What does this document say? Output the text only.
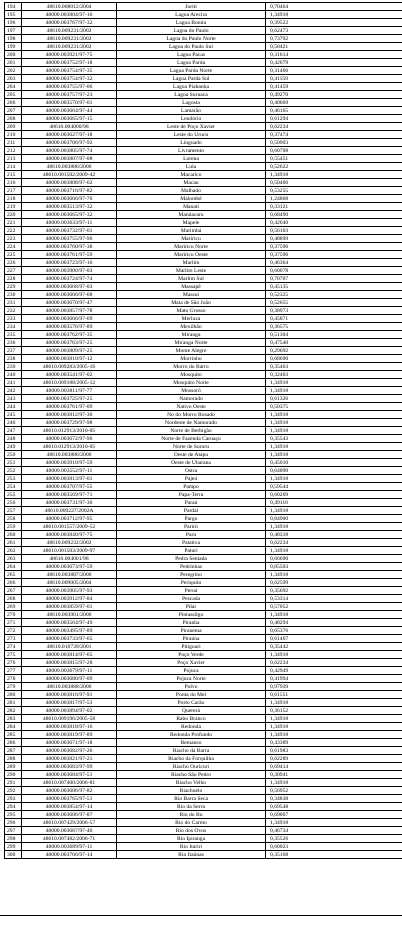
194	48610.008012/2004	Juriti	0,70464
195	48000.003804/97-10	Lagoa Arecira	1,34918
196	48000.003767/97-32	Lagoa Bonita	0,39522
197	48610.009231/2002	Lagoa do Paulo	0,62473
198	48610.009231/2002	Lagoa do Paulo Norte	0,73792
199	48610.009231/2002	Lagoa do Paulo Sul	0,58421
200	48000.003921/97-75	Lagoa Pacas	0,31614
201	48000.003752/97-18	Lagoa Parda	0,42679
202	48000.003754/97-35	Lagoa Parda Norte	0,31466
203	48000.003754/97-32	Lagoa Parda Sul	0,41159
204	48000.003755/97-06	Lagoa Piabanha	0,41459
205	48000.003757/97-23	Lagoa Suruaca	0,49270
206	48000.003570/97-01	Lagosta	0,40669
207	48000.003664/97-44	Lamarão	0,46165
208	48000.003665/97-15	Lendório	0,61294
209	48610.004000/98	Leste de Poço Xavier	0,62234
210	48000.003627/97-18	Leste do Urucu	0,37474
211	48000.003706/97-92	Linguado	0,50903
212	48000.003805/97-74	Livramento	0,60708
213	48000.003807/97-08	Lorena	0,55451
214	48610.003886/2000	Lula	0,52622
215	48610.001502/2009-42	Macarico	1,34918
216	48000.003808/97-62	Macau	0,50406
217	48000.003716/97-82	Malhado	0,53255
218	48000.003666/97-70	Malombê	1,24868
219	48000.003513/97-32	Manati	0,33121
220	48000.003665/97-32	Mandacaru	0,68490
221	48000.003633/97-11	Mapele	0,42640
222	48000.003732/97-01	Marimbá	0,56103
223	48000.003755/97-96	Mariricu	0,48899
224	48000.003760/97-38	Mariricu Norte	0,37596
225	48000.003761/97-59	Mariricu Oeste	0,37596
226	48000.003723/97-10	Marlim	0,46364
227	48000.003900/97-03	Marlim Leste	0,60078
228	48000.003724/97-74	Marlim Sul	0,70707
229	48000.003668/97-03	Massapê	0,45135
230	48000.003666/97-68	Massui	0,52325
231	48000.003670/97-47	Mata de São João	0,52655
232	48000.003857/97-78	Mato Grosso	0,38973
233	48000.003666/97-69	Merluza	0,45871
234	48000.003576/97-89	Mexilhão	0,36575
235	48000.003762/97-35	Miranga	0,51304
236	48000.003763/97-25	Miranga Norte	0,47540
237	48000.003809/97-25	Monte Alegre	0,29692
238	48000.003810/97-12	Morrinho	0,68690
239	48610.009283/2005-16	Morro do Barro	0,35463
240	48000.003541/97-02	Mosquito	0,32403
241	48610.009188/2005-12	Mosquito Norte	1,34918
242	48000.003811/97-77	Mossoró	1,34918
243	48000.003725/97-25	Namorado	0,61326
244	48000.003761/97-09	Nativo Oeste	0,50375
245	48000.003812/97-30	No do Morro Rosado	1,34918
246	48000.003729/97-98	Nordeste de Namorado	1,34918
247	48610.012913/2010-05	Norte de Berbigão	1,34918
248	48000.003672/97-96	Norte de Fazenda Caruaçu	0,35543
249	48610.012913/2010-05	Norte de Sururu	1,34918
250	48610.003886/2000	Oeste de Atapu	1,34918
251	48000.003910/97-59	Oeste de Ubarana	0,45610
252	48000.003552/97-11	Ostra	0,64890
253	48000.003813/97-01	Pajeú	1,34918
254	48000.003707/97-55	Pampo	0,59544
255	48000.003569/97-71	Papa-Terra	0,60269
256	48000.003731/97-30	Paraú	0,49110
257	48610.009227/2002A	Pardal	1,34918
258	48000.003712/97-95	Pargo	0,84900
259	48610.001557/2009-52	Paririi	1,34918
260	48000.003840/97-75	Paru	0,48318
261	48610.009232/2002	Patativa	0,62234
262	48610.001503/2009-97	Paturi	1,34918
263	48610.004001/98	Pedra Sentada	0,66690
264	48000.003673/97-59	Pedrinhas	0,85503
265	48610.003887/2000	Peregrino	1,34918
266	48610.009005/2004	Periquito	0,62599
267	48000.003905/97-93	Peroá	0,35692
268	48000.003912/97-84	Pescada	0,53314
269	48000.003859/97-01	Pilar	0,57052
270	48610.003901/2000	Pintassilgo	1,34918
271	48000.003564/97-49	Piranha	0,48294
272	48000.003495/97-89	Piranema	0,65376
273	48000.003733/97-65	Piraúna	0,61467
274	48610.010739/2001	Pitiguari	0,35442
275	48000.003814/97-65	Poço Verde	1,34918
276	48000.003815/97-28	Poço Xavier	0,62234
277	48000.003679/97-11	Pojuca	0,42949
278	48000.003680/97-09	Pojuca Norte	0,41994
279	48610.003888/2000	Polvo	0,97939
280	48000.003816/97-91	Ponta do Mel	0,61551
281	48000.003817/97-53	Porto Carão	1,34918
282	48000.003894/97-02	Quererá	0,36152
283	48610.009196/2005-58	Rabo Branco	1,34918
284	48000.003818/97-16	Redonda	1,34918
285	48000.003819/97-89	Redonda Profundo	1,34918
286	48000.003671/97-18	Remanso	0,43389
287	48000.003682/97-26	Riacho da Barra	0,61983
288	48000.003821/97-21	Riacho da Forquilha	0,62289
289	48000.003683/97-99	Riacho Ouricuri	0,69414
290	48000.003684/97-51	Riacho São Pedro	0,30941
291	48610.007400/2006-81	Riacho Velho	1,34918
292	48000.003686/97-82	Riachuelo	0,56952
293	48000.003765/97-51	Rio Barra Seca	0,34838
294	48000.003854/97-14	Rio da Serra	0,69548
295	48000.003686/97-87	Rio do Bu	0,69067
296	48610.007429/2006-57	Rio do Carmo	1,34918
297	48000.003687/97-40	Rio dos Ovos	0,46734
298	48610.007482/2006-71	Rio Ipiranga	0,35526
299	48000.003689/97-11	Rio Itariri	0,60023
300	48000.003766/97-14	Rio Itaúnas	0,35168
